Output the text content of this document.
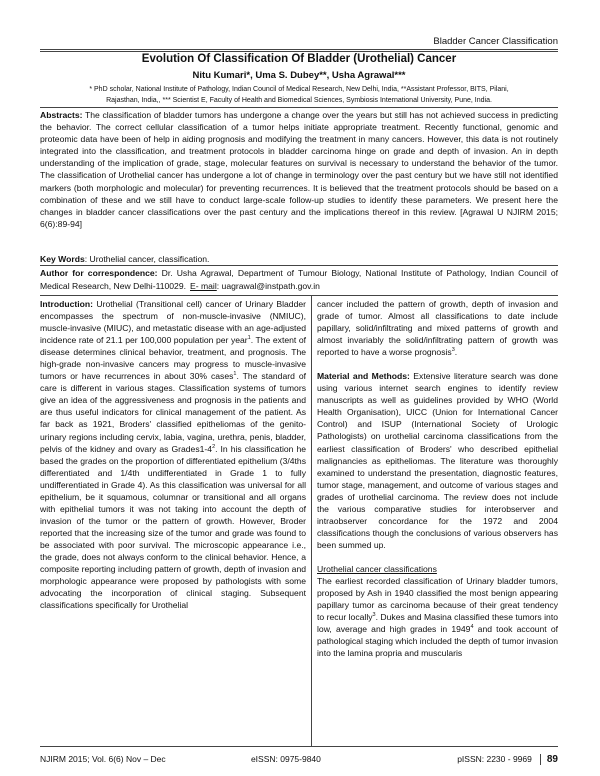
Bladder Cancer Classification
Evolution Of Classification Of Bladder (Urothelial) Cancer
Nitu Kumari*, Uma S. Dubey**, Usha Agrawal***
* PhD scholar, National Institute of Pathology, Indian Council of Medical Research, New Delhi, India, **Assistant Professor, BITS, Pilani,
Rajasthan, India,, *** Scientist E, Faculty of Health and Biomedical Sciences, Symbiosis International University, Pune, India.
Abstracts: The classification of bladder tumors has undergone a change over the years but still has not achieved success in predicting the behavior. The correct cellular classification of a tumor helps initiate appropriate treatment. Recently functional, genomic and proteomic data have been of help in aiding prognosis and modifying the treatment in many cancers. However, this data is not routinely integrated into the classification, and treatment protocols in bladder carcinoma hinge on grade and depth of invasion. An in depth understanding of the implication of grade, stage, molecular features on survival is necessary to understand the behavior of the tumor. The classification of Urothelial cancer has undergone a lot of change in terminology over the past century but we have still not identified markers (both morphologic and molecular) for preventing recurrences. It is believed that the treatment protocols should be based on a combination of these and we still have to conduct large-scale follow-up studies to identify these parameters. We present here the changes in bladder cancer classifications over the past century and the implications thereof in this review. [Agrawal U NJIRM 2015; 6(6):89-94]
Key Words: Urothelial cancer, classification.
Author for correspondence: Dr. Usha Agrawal, Department of Tumour Biology, National Institute of Pathology, Indian Council of Medical Research, New Delhi-110029. E- mail: uagrawal@instpath.gov.in

Introduction: Urothelial (Transitional cell) cancer of Urinary Bladder encompasses the spectrum of non-muscle-invasive (NMIUC), muscle-invasive (MIUC), and metastatic disease with an age-adjusted incidence rate of 21.1 per 100,000 population per year$^1$. The extent of disease determines clinical behavior, treatment, and prognosis. The high-grade non-invasive cancers may progress to muscle-invasive tumors or have recurrences in about 30% cases$^1$. The standard of care is different in various stages. Classification systems of tumors give an idea of the aggressiveness and prognosis in the patients and are thus useful indicators for clinical management of the patient. As far back as 1921, Broders' classified epitheliomas of the genito-urinary regions including cervix, labia, vagina, urethra, penis, bladder, pelvis of the kidney and ovary as $Grades1-4^2$. In his classification he based the grades on the proportion of differentiated epithelium (3/4ths differentiated and 1/4th undifferentiated in Grade 1 to fully undifferentiated in Grade 4). As this classification was universal for all epithelium, be it squamous, columnar or transitional and all organs with epithelial tumors it was not taking into account the depth of invasion of the tumor or the pattern of growth. However, Broder reported that the increasing size of the tumor and grade was found to be associated with poor survival. The microscopic appearance i.e., the grade, does not always conform to the clinical behavior. Hence, a composite reporting including pattern of growth, depth of invasion and morphologic appearance were proposed by pathologists with some advocating the incorporation of clinical staging. Subsequent classifications specifically for Urothelial

cancer included the pattern of growth, depth of invasion and grade of tumor. Almost all classifications to date include papillary, solid/infiltrating and mixed patterns of growth and almost invariably the solid/infiltrating pattern of growth was reported to have a worse prognosis$^3$.

Material and Methods: Extensive literature search was done using various internet search engines to identify review manuscripts as well as guidelines provided by WHO (World Health Organisation), UICC (Union for International Cancer Control) and ISUP (International Society of Urologic Pathologists) on urothelial carcinoma classifications from the earliest classification of Broders' who described epithelial malignancies as epitheliomas. The literature was thoroughly examined to understand the presentation, diagnostic features, tumor stage, management, and outcome of various stages and grades of urothelial carcinoma. The review does not include the various comparative studies for interobserver and intraobserver concordance for the 1972 and 2004 classifications though the conclusions of various observers has been summed up.

Urothelial cancer classifications

The earliest recorded classification of Urinary bladder tumors, proposed by Ash in 1940 classified the most benign appearing papillary tumor as carcinoma because of their great tendency to recur locally$^3$. Dukes and Masina classified these tumors into low, average and high grades in 1949$^4$ and took account of pathological staging which included the depth of tumor invasion into the lamina propria and muscularis

NJIRM 2015; Vol. 6(6) Nov – Dec	eISSN: 0975-9840	pISSN: 2230 - 9969	89
